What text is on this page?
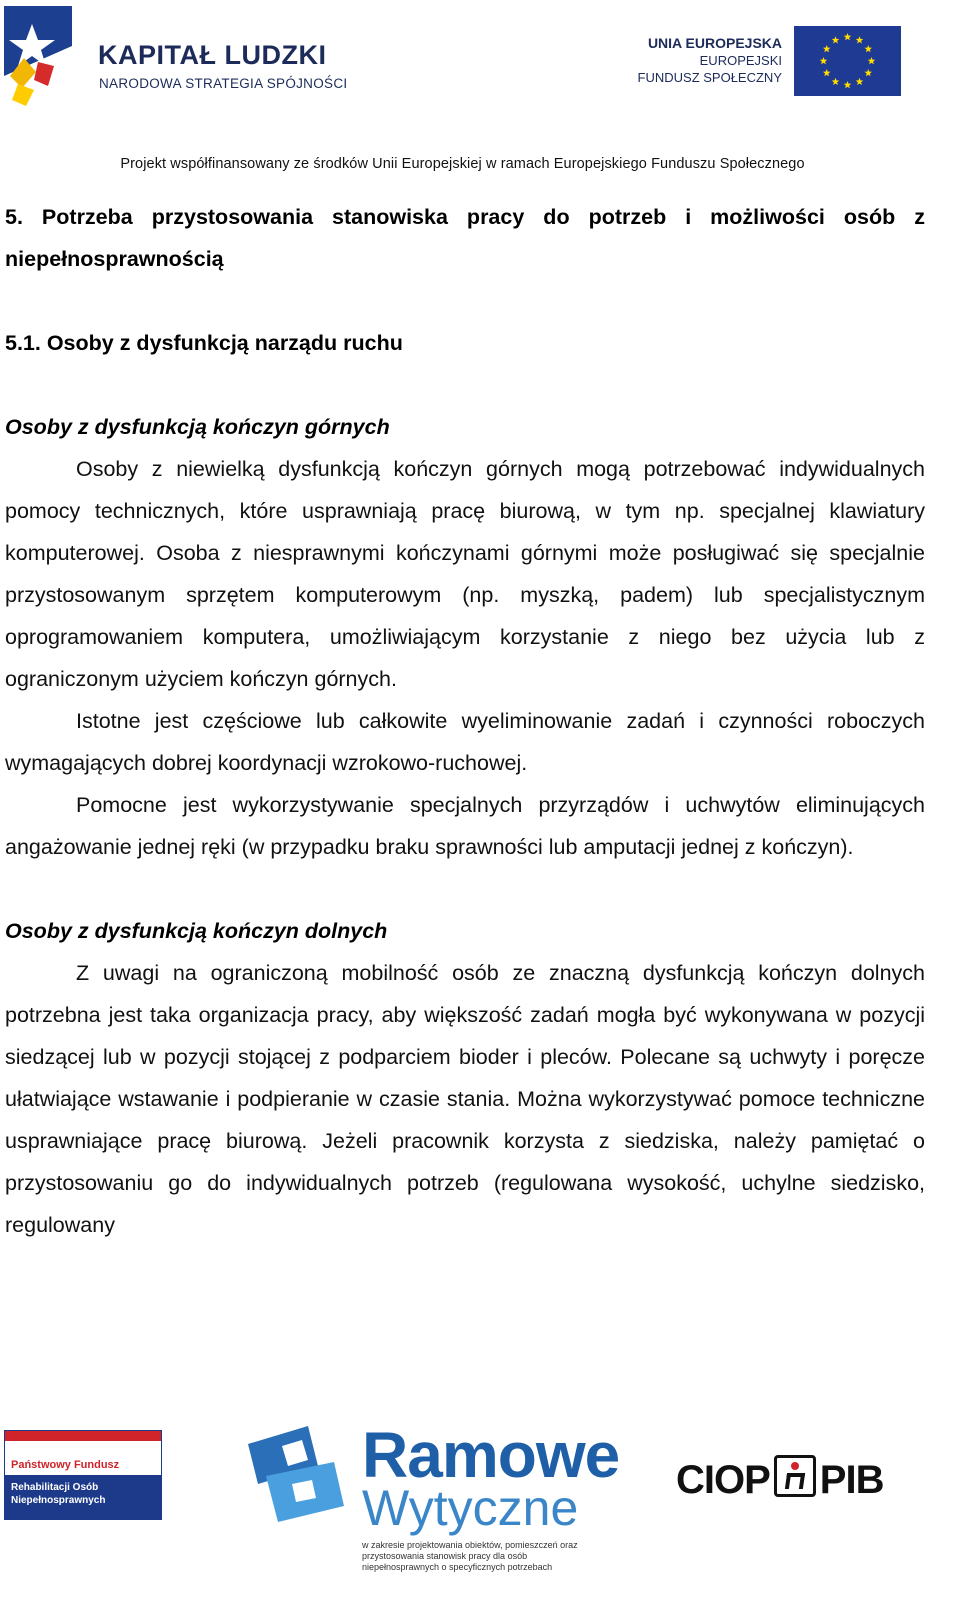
KAPITAŁ LUDZKI
NARODOWA STRATEGIA SPÓJNOŚCI
UNIA EUROPEJSKA
EUROPEJSKI
FUNDUSZ SPOŁECZNY
Projekt współfinansowany ze środków Unii Europejskiej w ramach Europejskiego Funduszu Społecznego

5. Potrzeba przystosowania stanowiska pracy do potrzeb i możliwości osób z niepełnosprawnością

5.1. Osoby z dysfunkcją narządu ruchu

Osoby z dysfunkcją kończyn górnych

Osoby z niewielką dysfunkcją kończyn górnych mogą potrzebować indywidualnych pomocy technicznych, które usprawniają pracę biurową, w tym np. specjalnej klawiatury komputerowej. Osoba z niesprawnymi kończynami górnymi może posługiwać się specjalnie przystosowanym sprzętem komputerowym (np. myszką, padem) lub specjalistycznym oprogramowaniem komputera, umożliwiającym korzystanie z niego bez użycia lub z ograniczonym użyciem kończyn górnych.

Istotne jest częściowe lub całkowite wyeliminowanie zadań i czynności roboczych wymagających dobrej koordynacji wzrokowo-ruchowej.

Pomocne jest wykorzystywanie specjalnych przyrządów i uchwytów eliminujących angażowanie jednej ręki (w przypadku braku sprawności lub amputacji jednej z kończyn).

Osoby z dysfunkcją kończyn dolnych

Z uwagi na ograniczoną mobilność osób ze znaczną dysfunkcją kończyn dolnych potrzebna jest taka organizacja pracy, aby większość zadań mogła być wykonywana w pozycji siedzącej lub w pozycji stojącej z podparciem bioder i pleców. Polecane są uchwyty i poręcze ułatwiające wstawanie i podpieranie w czasie stania. Można wykorzystywać pomoce techniczne usprawniające pracę biurową. Jeżeli pracownik korzysta z siedziska, należy pamiętać o przystosowaniu go do indywidualnych potrzeb (regulowana wysokość, uchylne siedzisko, regulowany

Państwowy Fundusz
Rehabilitacji Osób Niepełnosprawnych
Ramowe
Wytyczne
w zakresie projektowania obiektów, pomieszczeń oraz przystosowania stanowisk pracy dla osób niepełnosprawnych o specyficznych potrzebach
CIOP PIB
